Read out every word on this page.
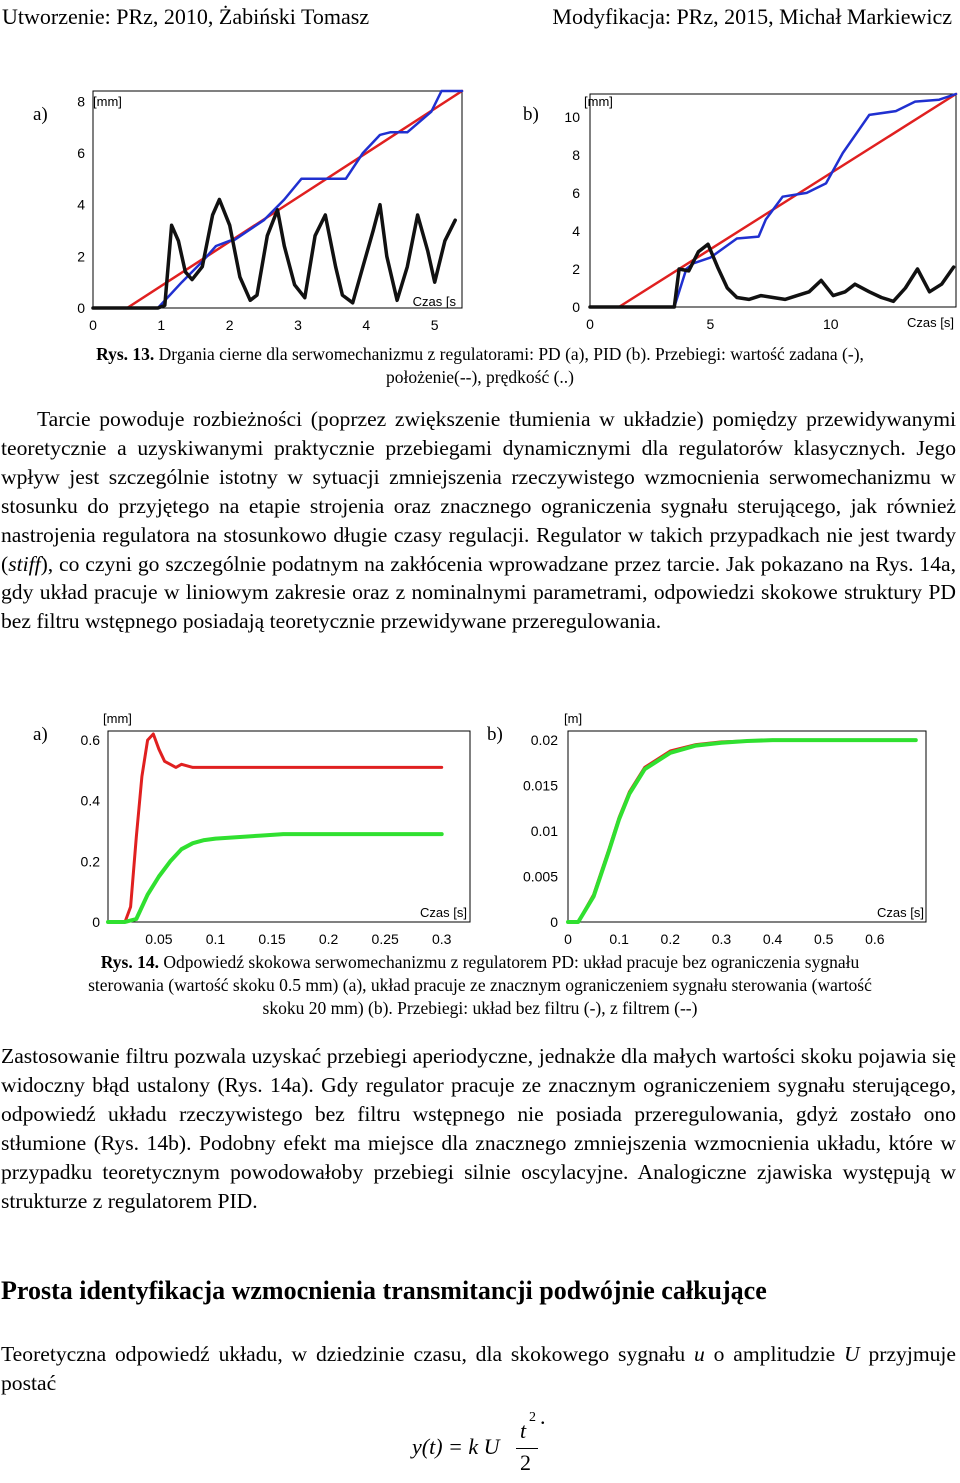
Utworzenie: PRz, 2010, Żabiński Tomasz	Modyfikacja: PRz, 2015, Michał Markiewicz
a)
0
2
4
6
8
0	1	2	3	4	5
[mm]
Czas [s
b)
0
2
4
6
8
10
0	5	10
[mm]
Czas [s]
Rys. 13. Drgania cierne dla serwomechanizmu z regulatorami: PD (a), PID (b). Przebiegi: wartość zadana (-),
położenie(--), prędkość (..)

Tarcie powoduje rozbieżności (poprzez zwiększenie tłumienia w układzie) pomiędzy przewidywanymi teoretycznie a uzyskiwanymi praktycznie przebiegami dynamicznymi dla regulatorów klasycznych. Jego wpływ jest szczególnie istotny w sytuacji zmniejszenia rzeczywistego wzmocnienia serwomechanizmu w stosunku do przyjętego na etapie strojenia oraz znacznego ograniczenia sygnału sterującego, jak również nastrojenia regulatora na stosunkowo długie czasy regulacji. Regulator w takich przypadkach nie jest twardy (stiff), co czyni go szczególnie podatnym na zakłócenia wprowadzane przez tarcie. Jak pokazano na Rys. 14a, gdy układ pracuje w liniowym zakresie oraz z nominalnymi parametrami, odpowiedzi skokowe struktury PD bez filtru wstępnego posiadają teoretycznie przewidywane przeregulowania.

a)
0
0.2
0.4
0.6
0.05 0.1 0.15 0.2 0.25 0.3
[mm]
Czas [s]
b)
0
0.005
0.01
0.015
0.02
0	0.1 0.2 0.3 0.4 0.5 0.6
[m]
Czas [s]
Rys. 14. Odpowiedź skokowa serwomechanizmu z regulatorem PD: układ pracuje bez ograniczenia sygnału
sterowania (wartość skoku 0.5 mm) (a), układ pracuje ze znacznym ograniczeniem sygnału sterowania (wartość
skoku 20 mm) (b). Przebiegi: układ bez filtru (-), z filtrem (--)

Zastosowanie filtru pozwala uzyskać przebiegi aperiodyczne, jednakże dla małych wartości skoku pojawia się widoczny błąd ustalony (Rys. 14a). Gdy regulator pracuje ze znacznym ograniczeniem sygnału sterującego, odpowiedź układu rzeczywistego bez filtru wstępnego nie posiada przeregulowania, gdyż zostało ono stłumione (Rys. 14b). Podobny efekt ma miejsce dla znacznego zmniejszenia wzmocnienia układu, które w przypadku teoretycznym powodowałoby przebiegi silnie oscylacyjne. Analogiczne zjawiska występują w strukturze z regulatorem PID.

Prosta identyfikacja wzmocnienia transmitancji podwójnie całkujące

Teoretyczna odpowiedź układu, w dziedzinie czasu, dla skokowego sygnału u o amplitudzie U przyjmuje postać

y(t) = k U
t
2
2
.
